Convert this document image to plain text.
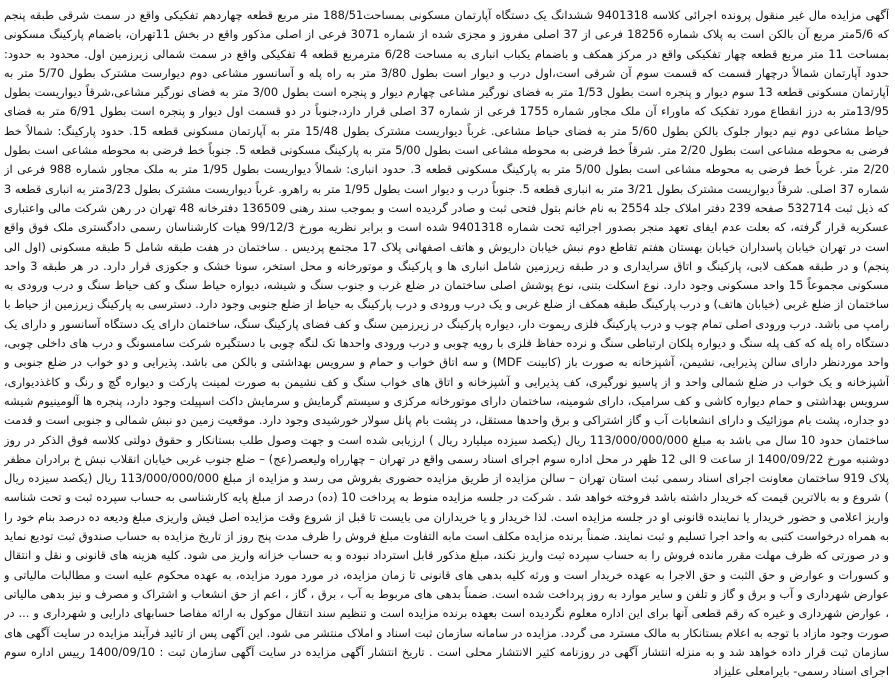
آگهی مزایده مال غیر منقول پرونده اجرائی کلاسه 9401318 ششدانگ یک دستگاه آپارتمان مسکونی بمساحت188/51 متر مربع قطعه چهاردهم تفکیکی واقع در سمت شرقی طبقه پنجم که 5/6متر مربع آن بالکن است به پلاک شماره 18256 فرعی از 37 اصلی مفروز و مجزی شده از شماره 3071 فرعی از اصلی مذکور واقع در بخش 11تهران، باضمام پارکینگ مسکونی بمساحت 11 متر مربع قطعه چهار تفکیکی واقع در مرکز همکف و باضمام یکباب انباری به مساحت 6/28 مترمربع قطعه 4 تفکیکی واقع در سمت شمالی زیرزمین اول. محدود به حدود: حدود آپارتمان شمالاً درچهار قسمت که قسمت سوم آن شرقی است،اول درب و دیوار است بطول 3/80 متر به راه پله و آسانسور مشاعی دوم دیوارست مشترک بطول 5/70 متر به آپارتمان مسکونی قطعه 13 سوم دیوار و پنجره است بطول 1/53 متر به فضای نورگیر مشاعی چهارم دیوار و پنجره است بطول 3/00 متر به فضای نورگیر مشاعی،شرقاً دیواریست بطول 13/95متر به درز انقطاع مورد تفکیک که ماوراء آن ملک مجاور شماره 1755 فرعی از شماره 37 اصلی قرار دارد،جنوباً در دو قسمت اول دیوار و پنجره است بطول 6/91 متر به فضای حیاط مشاعی دوم نیم دیوار جلوک بالکن بطول 5/60 متر به فضای حیاط مشاعی. غرباً دیواریست مشترک بطول 15/48 متر به آپارتمان مسکونی قطعه 15. حدود پارکینگ: شمالاً خط فرضی به محوطه مشاعی است بطول 2/20 متر. شرقاً خط فرضی به محوطه مشاعی است بطول 5/00 متر به پارکینگ مسکونی قطعه 5. جنوباً خط فرضی به محوطه مشاعی است بطول 2/20 متر. غرباً خط فرضی به محوطه مشاعی است بطول 5/00 متر به پارکینگ مسکونی قطعه 3. حدود انباری: شمالاً دیواریست بطول 1/95 متر به ملک مجاور شماره 988 فرعی از شماره 37 اصلی. شرقاً دیواریست مشترک بطول 3/21 متر به انباری قطعه 5. جنوباً درب و دیوار است بطول 1/95 متر به راهرو. غرباً دیواریست مشترک بطول 3/23متر به انباری قطعه 3 که ذیل ثبت 532714 صفحه 239 دفتر املاک جلد 2554 به نام خانم بتول فتحی ثبت و صادر گردیده است و بموجب سند رهنی 136509 دفترخانه 48 تهران در رهن شرکت مالی واعتباری عسکریه قرار گرفته، که بعلت عدم ایفای تعهد منجر بصدور اجرائیه تحت شماره 9401318 شده است و برابر نظریه مورخ 99/12/3 هیات کارشناسان رسمی دادگستری ملک فوق واقع است در تهران خیابان پاسداران خیابان بهستان هفتم تقاطع دوم نبش خیابان داریوش و هاتف اصفهانی پلاک 17 مجتمع پردیس . ساختمان در هفت طبقه شامل 5 طبقه مسکونی (اول الی پنجم) و در طبقه همکف لابی، پارکینگ و اتاق سرایداری و در طبقه زیرزمین شامل انباری ها و پارکینگ و موتورخانه و محل استخر، سونا خشک و جکوزی قرار دارد. در هر طبقه 3 واحد مسکونی مجموعاً 15 واحد مسکونی وجود دارد. نوع اسکلت بتنی، نوع پوشش اصلی ساختمان در ضلع غرب و جنوب سنگ و شیشه، دیواره حیاط سنگ و کف حیاط سنگ و درب ورودی به ساختمان از ضلع غربی (خیابان هاتف) و درب پارکینگ طبقه همکف از ضلع غربی و یک درب ورودی و درب پارکینگ به حیاط از ضلع جنوبی وجود دارد. دسترسی به پارکینگ زیرزمین از حیاط با رامپ می باشد. درب ورودی اصلی تمام چوب و درب پارکینگ فلزی ریموت دار، دیواره پارکینگ در زیرزمین سنگ و کف فضای پارکینگ سنگ، ساختمان دارای یک دستگاه آسانسور و دارای یک دستگاه راه پله که کف پله سنگ و دیواره پلکان ارتباطی سنگ و نرده حفاظ فلزی با رویه چوبی و درب ورودی واحدها تک لنگه چوبی با دستگیره شرکت سامسونگ و درب های داخلی چوبی، واحد موردنظر دارای سالن پذیرایی، نشیمن، آشپزخانه به صورت باز (کابینت MDF) و سه اتاق خواب و حمام و سرویس بهداشتی و بالکن می باشد. پذیرایی و دو خواب در ضلع جنوبی و آشپزخانه و یک خواب در ضلع شمالی واحد و از پاسیو نورگیری، کف پذیرایی و آشپزخانه و اتاق های خواب سنگ و کف نشیمن به صورت لمینت پارکت و دیواره گچ و رنگ و کاغذدیواری، سرویس بهداشتی و حمام دیواره کاشی و کف سرامیک، دارای شومینه، ساختمان دارای موتورخانه مرکزی و سیستم گرمایش و سرمایش داکت اسپیلت وجود دارد، پنجره ها آلومینیوم شیشه دو جداره، پشت بام موزائیک و دارای انشعابات آب و گاز اشتراکی و برق واحدها مستقل، در پشت بام پانل سولار خورشیدی وجود دارد. موقعیت زمین دو نبش شمالی و جنوبی است و قدمت ساختمان حدود 10 سال می باشد به مبلغ 113/000/000/000 ریال (یکصد سیزده میلیارد ریال ) ارزیابی شده است و جهت وصول طلب بستانکار و حقوق دولتی کلاسه فوق الذکر در روز دوشنبه مورخ 1400/09/22 از ساعت 9 الی 12 ظهر در محل اداره سوم اجرای اسناد رسمی واقع در تهران – چهارراه ولیعصر(عج) – ضلع جنوب غربی خیابان انقلاب نبش خ برادران مظفر پلاک 919 ساختمان معاونت اجرای اسناد رسمی ثبت استان تهران – سالن مزایده از طریق مزایده حضوری بفروش می رسد و مزایده از مبلغ 113/000/000/000 ریال (یکصد سیزده ریال ) شروع و به بالاترین قیمت که خریدار داشته باشد فروخته خواهد شد . شرکت در جلسه مزایده منوط به پرداخت 10 (ده) درصد از مبلغ پایه کارشناسی به حساب سپرده ثبت و تحت شناسه واریز اعلامی و حضور خریدار یا نماینده قانونی او در جلسه مزایده است. لذا خریدار و یا خریداران می بایست تا قبل از شروع وقت مزایده اصل فیش واریزی مبلغ ودیعه ده درصد بنام خود را به همراه درخواست کتبی به واحد اجرا تسلیم و ثبت نمایند. ضمناً برنده مزایده مکلف است مابه التفاوت مبلغ فروش را ظرف مدت پنج روز از تاریخ مزایده به حساب صندوق ثبت تودیع نماید و در صورتی که ظرف مهلت مقرر مانده فروش را به حساب سپرده ثبت واریز نکند، مبلغ مذکور قابل استرداد نبوده و به حساب خزانه واریز می شود. کلیه هزینه های قانونی و نقل و انتقال و کسورات و عوارض و حق الثبت و حق الاجرا به عهده خریدار است و ورثه کلیه بدهی های قانونی تا زمان مزایده، در مورد مورد مزایده، به عهده محکوم علیه است و مطالبات مالیاتی و عوارض شهرداری و آب و برق و گاز و تلفن و سایر موارد به روز پرداخت شده است. ضمناً بدهی های مربوط به آب ، برق ، گاز ، اعم از حق انشعاب و اشتراک و مصرف و نیز بدهی مالیاتی ، عوارض شهرداری و غیره که رقم قطعی آنها برای این اداره معلوم نگردیده است بعهده برنده مزایده است و تنظیم سند انتقال موکول به ارائه مفاصا حسابهای دارایی و شهرداری و ... در صورت وجود مازاد با توجه به اعلام بستانکار به مالک مسترد می گردد. مزایده در سامانه سازمان ثبت اسناد و املاک منتشر می شود. این آگهی پس از تائید فرآیند مزایده در سایت آگهی های سازمان ثبت قرار داده خواهد شد و به منزله انتشار آگهی در روزنامه کثیر الانتشار محلی است . تاریخ انتشار آگهی مزایده در سایت آگهی سازمان ثبت : 1400/09/10 رییس اداره سوم اجرای اسناد رسمی- بایرامعلی علیزاد
